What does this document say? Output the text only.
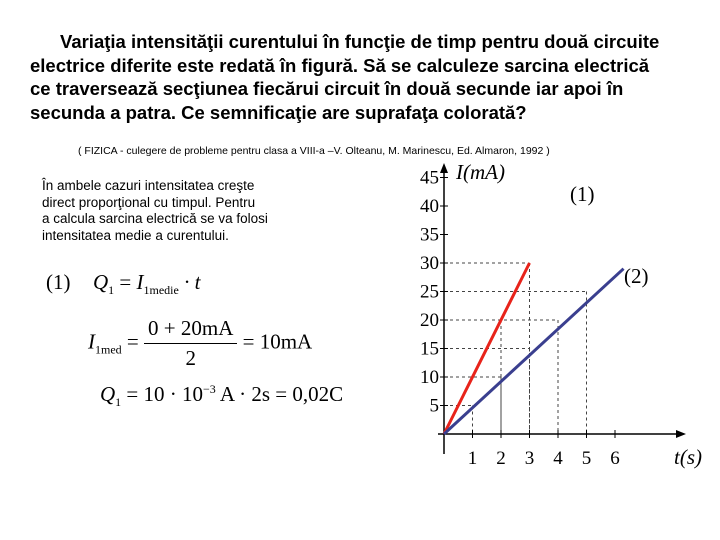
Variaţia intensităţii curentului în funcţie de timp pentru două circuite
electrice diferite este redată în figură. Să se calculeze sarcina electrică
ce traversează secţiunea fiecărui circuit în două secunde iar apoi în
secunda a patra. Ce semnificaţie are suprafaţa colorată?
( FIZICA - culegere de probleme pentru clasa a VIII-a –V. Olteanu, M. Marinescu, Ed. Almaron, 1992 )
În ambele cazuri intensitatea creşte
direct proporţional cu timpul. Pentru
a calcula sarcina electrică se va folosi
intensitatea medie a curentului.
(1) $Q_1 = I_{1medie} \cdot t$
$I_{1med} = \frac{0 + 20mA}{2} = 10mA$
$Q_1 = 10 \cdot 10^{-3}$ A · 2s = 0,02C	5
10
15
20
25
30
35
40
45
1 2 3 4 5 6
I(mA)
t(s)
(1)
(2)
